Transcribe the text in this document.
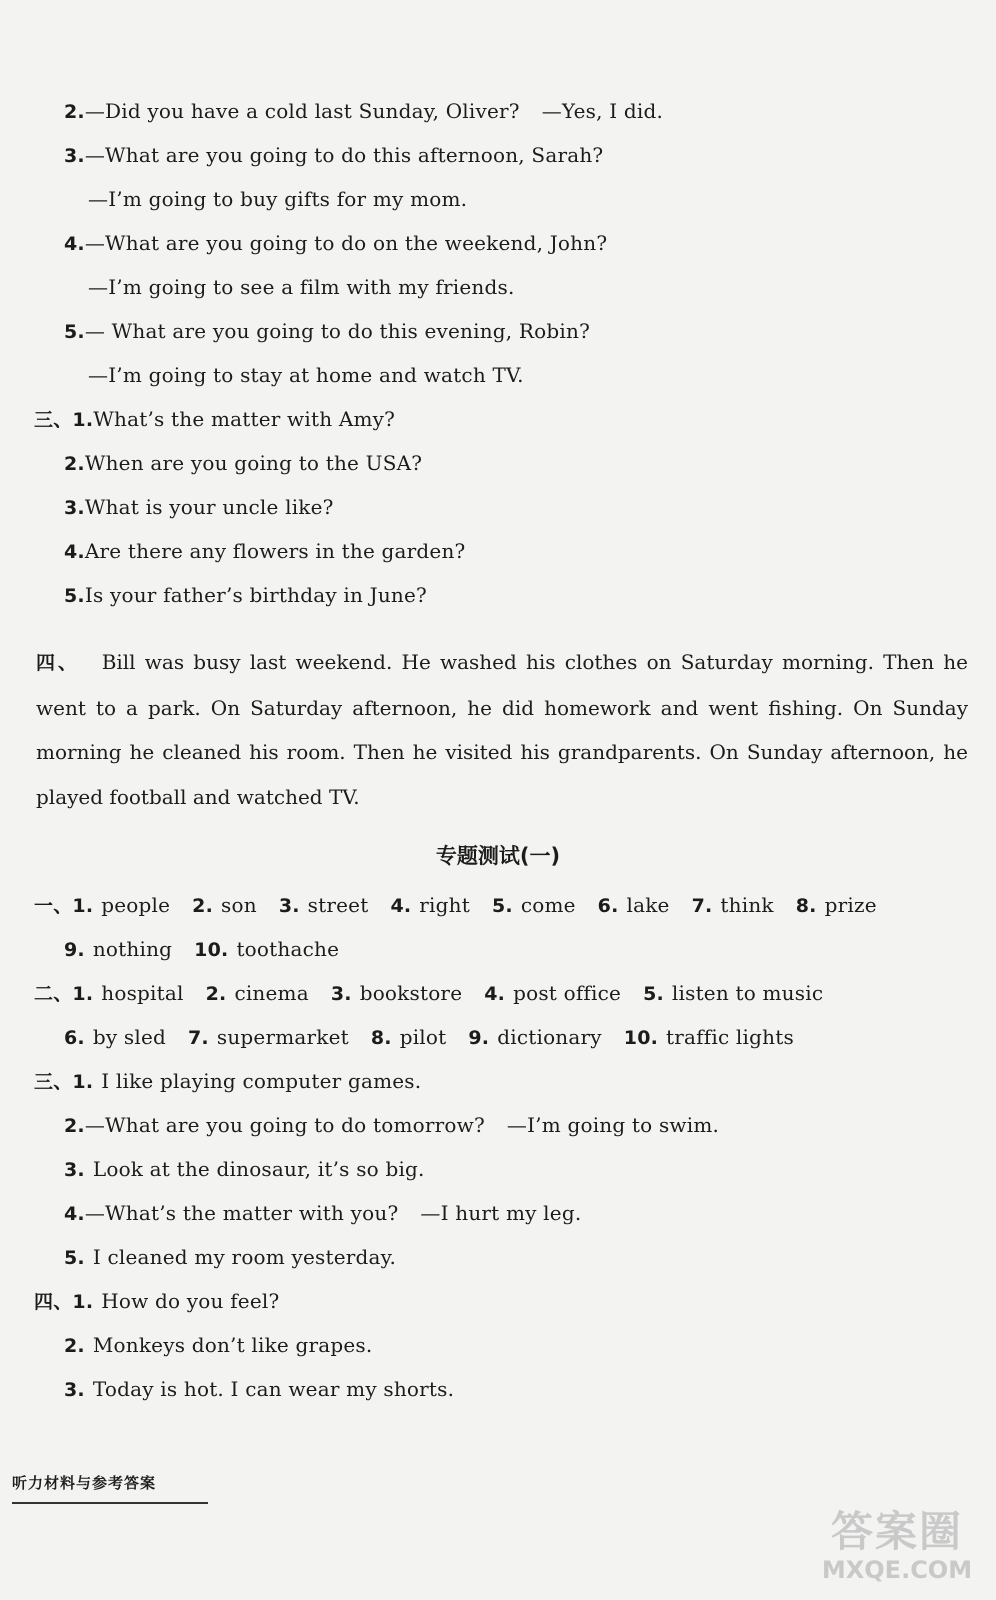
2.—Did you have a cold last Sunday, Oliver? —Yes, I did.
3.—What are you going to do this afternoon, Sarah?
—I’m going to buy gifts for my mom.
4.—What are you going to do on the weekend, John?
—I’m going to see a film with my friends.
5.— What are you going to do this evening, Robin?
—I’m going to stay at home and watch TV.
三、1.What’s the matter with Amy?
2.When are you going to the USA?
3.What is your uncle like?
4.Are there any flowers in the garden?
5.Is your father’s birthday in June?
四、 Bill was busy last weekend. He washed his clothes on Saturday morning. Then he went to a park. On Saturday afternoon, he did homework and went fishing. On Sunday morning he cleaned his room. Then he visited his grandparents. On Sunday afternoon, he played football and watched TV.
专题测试(一)
一、1. people 2. son 3. street 4. right 5. come 6. lake 7. think 8. prize
9. nothing 10. toothache
二、1. hospital 2. cinema 3. bookstore 4. post office 5. listen to music
6. by sled 7. supermarket 8. pilot 9. dictionary 10. traffic lights
三、1. I like playing computer games.
2.—What are you going to do tomorrow? —I’m going to swim.
3. Look at the dinosaur, it’s so big.
4.—What’s the matter with you? —I hurt my leg.
5. I cleaned my room yesterday.
四、1. How do you feel?
2. Monkeys don’t like grapes.
3. Today is hot. I can wear my shorts.
听力材料与参考答案
答案圈
MXQE.COM
